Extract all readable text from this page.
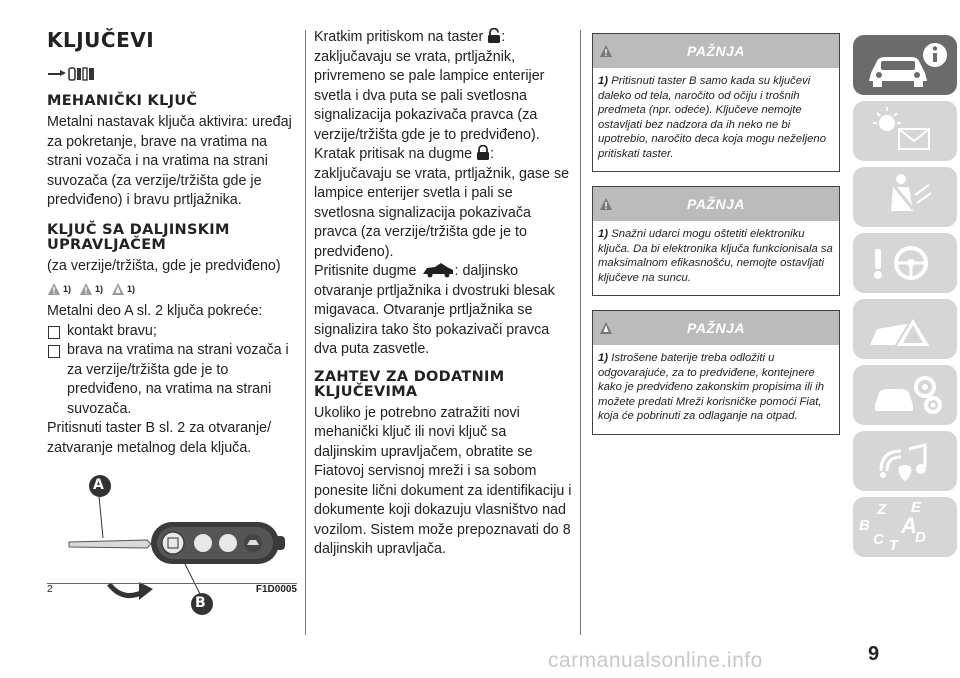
KLJUČEVI
MEHANIČKI KLJUČ

Metalni nastavak ključa aktivira: uređaj za pokretanje, brave na vratima na strani vozača i na vratima na strani suvozača (za verzije/tržišta gde je predviđeno) i bravu prtljažnika.

KLJUČ SA DALJINSKIM UPRAVLJAČEM

(za verzije/tržišta, gde je predviđeno)

1)	1)	1)

Metalni deo A sl. 2 ključa pokreće:

kontakt bravu;

brava na vratima na strani vozača i za verzije/tržišta gde je to predviđeno, na vratima na strani suvozača.

Pritisnuti taster B sl. 2 za otvaranje/ zatvaranje metalnog dela ključa.

A
B
2	F1D0005

Kratkim pritiskom na taster : zaključavaju se vrata, prtljažnik, privremeno se pale lampice enterijer svetla i dva puta se pali svetlosna signalizacija pokazivača pravca (za verzije/tržišta gde je to predviđeno).

Kratak pritisak na dugme : zaključavaju se vrata, prtljažnik, gase se lampice enterijer svetla i pali se svetlosna signalizacija pokazivača pravca (za verzije/tržišta gde je to predviđeno).

Pritisnite dugme	: daljinsko otvaranje prtljažnika i dvostruki blesak migavaca. Otvaranje prtljažnika se signalizira tako što pokazivači pravca dva puta zasvetle.

ZAHTEV ZA DODATNIM KLJUČEVIMA

Ukoliko je potrebno zatražiti novi mehanički ključ ili novi ključ sa daljinskim upravljačem, obratite se Fiatovoj servisnoj mreži i sa sobom ponesite lični dokument za identifikaciju i dokumente koji dokazuju vlasništvo nad vozilom. Sistem može prepoznavati do 8 daljinskih upravljača.

PAŽNJA
1) Pritisnuti taster B samo kada su ključevi daleko od tela, naročito od očiju i trošnih predmeta (npr. odeće). Ključeve nemojte ostavljati bez nadzora da ih neko ne bi upotrebio, naročito deca koja mogu neželjeno pritiskati taster.
PAŽNJA
1) Snažni udarci mogu oštetiti elektroniku ključa. Da bi elektronika ključa funkcionisala sa maksimalnom efikasnošću, nemojte ostavljati ključeve na suncu.
PAŽNJA
1) Istrošene baterije treba odložiti u odgovarajuće, za to predviđene, kontejnere kako je predviđeno zakonskim propisima ili ih možete predati Mreži korisničke pomoći Fiat, koja će pobrinuti za odlaganje na otpad.
Z E
B A
C D
T
9
carmanualsonline.info
